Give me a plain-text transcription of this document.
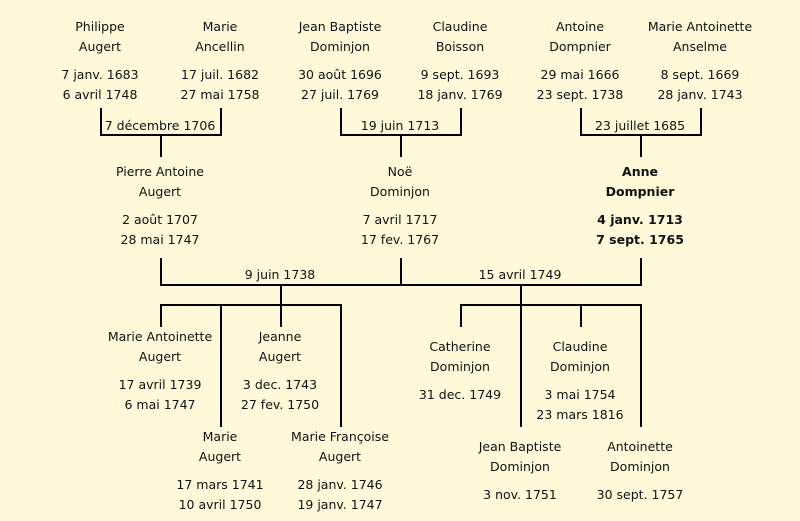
7 décembre 1706	19 juin 1713	23 juillet 1685
9 juin 1738	15 avril 1749
Philippe
Augert
7 janv. 1683
6 avril 1748
Marie
Ancellin
17 juil. 1682
27 mai 1758
Jean Baptiste
Dominjon
30 août 1696
27 juil. 1769
Claudine
Boisson
9 sept. 1693
18 janv. 1769
Antoine
Dompnier
29 mai 1666
23 sept. 1738
Marie Antoinette
Anselme
8 sept. 1669
28 janv. 1743
Pierre Antoine
Augert
2 août 1707
28 mai 1747
Noë
Dominjon
7 avril 1717
17 fev. 1767
Anne
Dompnier
4 janv. 1713
7 sept. 1765
Marie Antoinette
Augert
17 avril 1739
6 mai 1747
Jeanne
Augert
3 dec. 1743
27 fev. 1750
Catherine
Dominjon
31 dec. 1749
Claudine
Dominjon
3 mai 1754
23 mars 1816
Marie
Augert
17 mars 1741
10 avril 1750
Marie Françoise
Augert
28 janv. 1746
19 janv. 1747
Jean Baptiste
Dominjon
3 nov. 1751
Antoinette
Dominjon
30 sept. 1757
